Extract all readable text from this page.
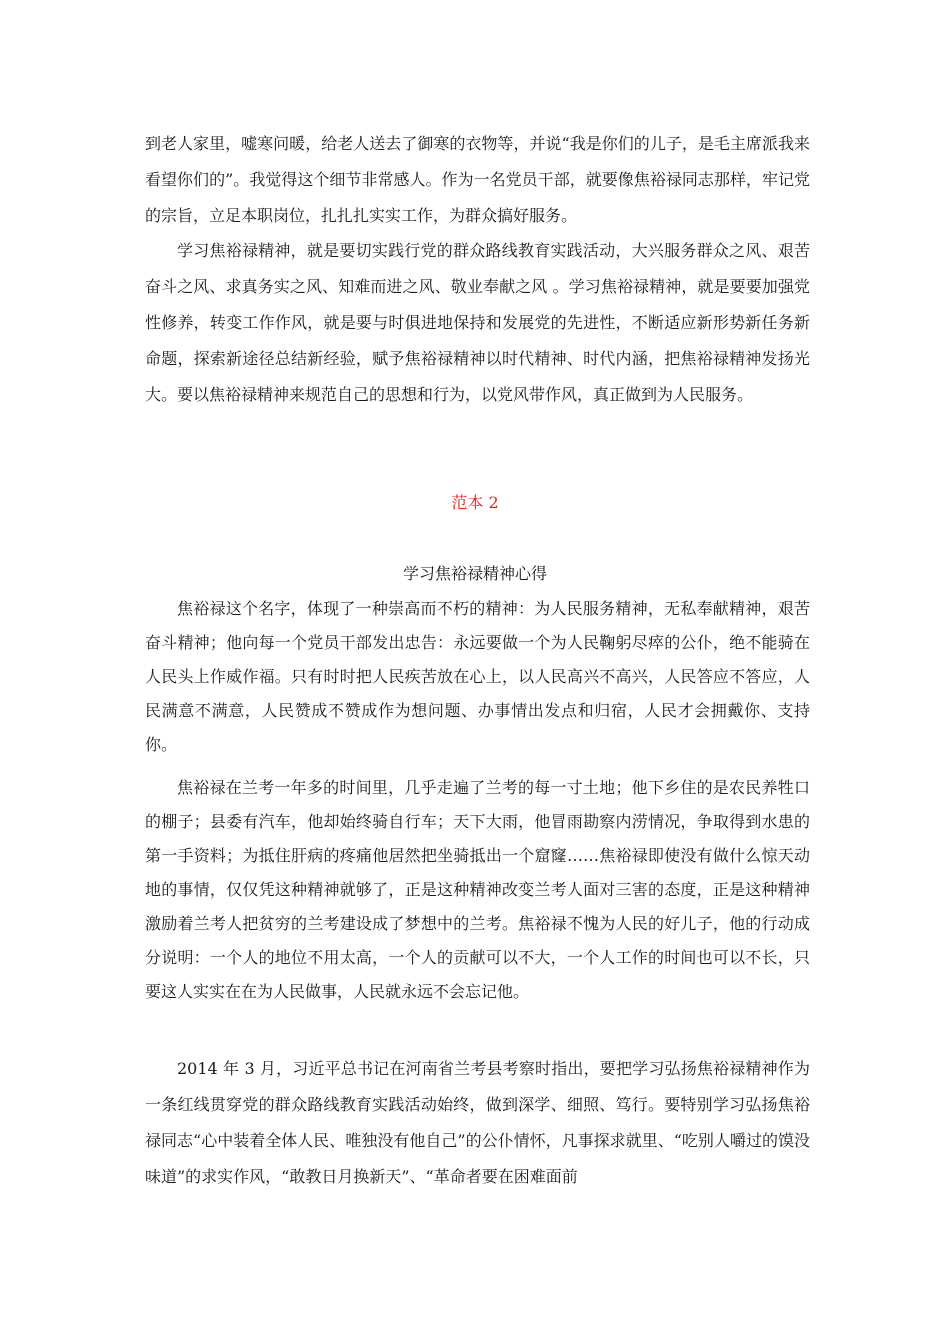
到老人家里，嘘寒问暖，给老人送去了御寒的衣物等，并说“我是你们的儿子，是毛主席派我来看望你们的”。我觉得这个细节非常感人。作为一名党员干部，就要像焦裕禄同志那样，牢记党的宗旨，立足本职岗位，扎扎扎实实工作，为群众搞好服务。

学习焦裕禄精神，就是要切实践行党的群众路线教育实践活动，大兴服务群众之风、艰苦奋斗之风、求真务实之风、知难而进之风、敬业奉献之风 。学习焦裕禄精神，就是要要加强党性修养，转变工作作风，就是要与时俱进地保持和发展党的先进性，不断适应新形势新任务新命题，探索新途径总结新经验，赋予焦裕禄精神以时代精神、时代内涵，把焦裕禄精神发扬光大。要以焦裕禄精神来规范自己的思想和行为，以党风带作风，真正做到为人民服务。

范本 2

学习焦裕禄精神心得

焦裕禄这个名字，体现了一种崇高而不朽的精神：为人民服务精神，无私奉献精神，艰苦奋斗精神；他向每一个党员干部发出忠告：永远要做一个为人民鞠躬尽瘁的公仆，绝不能骑在人民头上作威作福。只有时时把人民疾苦放在心上，以人民高兴不高兴，人民答应不答应，人民满意不满意，人民赞成不赞成作为想问题、办事情出发点和归宿，人民才会拥戴你、支持你。

焦裕禄在兰考一年多的时间里，几乎走遍了兰考的每一寸土地；他下乡住的是农民养牲口的棚子；县委有汽车，他却始终骑自行车；天下大雨，他冒雨勘察内涝情况，争取得到水患的第一手资料；为抵住肝病的疼痛他居然把坐骑抵出一个窟窿……焦裕禄即使没有做什么惊天动地的事情，仅仅凭这种精神就够了，正是这种精神改变兰考人面对三害的态度，正是这种精神激励着兰考人把贫穷的兰考建设成了梦想中的兰考。焦裕禄不愧为人民的好儿子，他的行动成分说明：一个人的地位不用太高，一个人的贡献可以不大，一个人工作的时间也可以不长，只要这人实实在在为人民做事，人民就永远不会忘记他。

2014 年 3 月，习近平总书记在河南省兰考县考察时指出，要把学习弘扬焦裕禄精神作为一条红线贯穿党的群众路线教育实践活动始终，做到深学、细照、笃行。要特别学习弘扬焦裕禄同志“心中装着全体人民、唯独没有他自己”的公仆情怀，凡事探求就里、“吃别人嚼过的馍没味道”的求实作风，“敢教日月换新天”、“革命者要在困难面前
